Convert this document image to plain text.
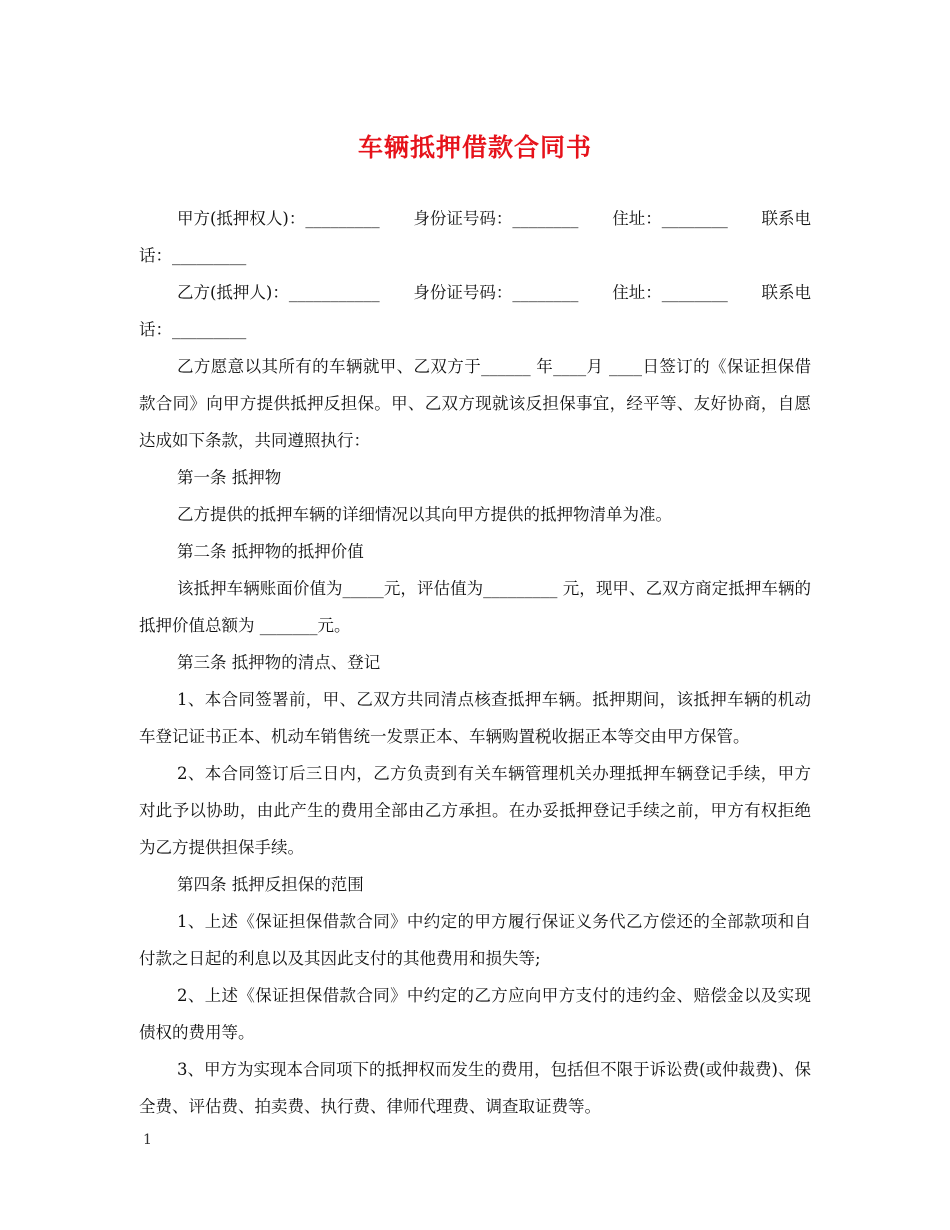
车辆抵押借款合同书
甲方(抵押权人)：_________ 身份证号码：________ 住址：________ 联系电

话：_________

乙方(抵押人)：___________ 身份证号码：________ 住址：________ 联系电

话：_________

乙方愿意以其所有的车辆就甲、乙双方于______ 年____月 ____日签订的《保证担保借款合同》向甲方提供抵押反担保。甲、乙双方现就该反担保事宜，经平等、友好协商，自愿达成如下条款，共同遵照执行：

第一条 抵押物

乙方提供的抵押车辆的详细情况以其向甲方提供的抵押物清单为准。

第二条 抵押物的抵押价值

该抵押车辆账面价值为_____元，评估值为_________ 元，现甲、乙双方商定抵押车辆的抵押价值总额为 _______元。

第三条 抵押物的清点、登记

1、本合同签署前，甲、乙双方共同清点核查抵押车辆。抵押期间，该抵押车辆的机动车登记证书正本、机动车销售统一发票正本、车辆购置税收据正本等交由甲方保管。

2、本合同签订后三日内，乙方负责到有关车辆管理机关办理抵押车辆登记手续，甲方对此予以协助，由此产生的费用全部由乙方承担。在办妥抵押登记手续之前，甲方有权拒绝为乙方提供担保手续。

第四条 抵押反担保的范围

1、上述《保证担保借款合同》中约定的甲方履行保证义务代乙方偿还的全部款项和自付款之日起的利息以及其因此支付的其他费用和损失等;

2、上述《保证担保借款合同》中约定的乙方应向甲方支付的违约金、赔偿金以及实现债权的费用等。

3、甲方为实现本合同项下的抵押权而发生的费用，包括但不限于诉讼费(或仲裁费)、保全费、评估费、拍卖费、执行费、律师代理费、调查取证费等。

1
